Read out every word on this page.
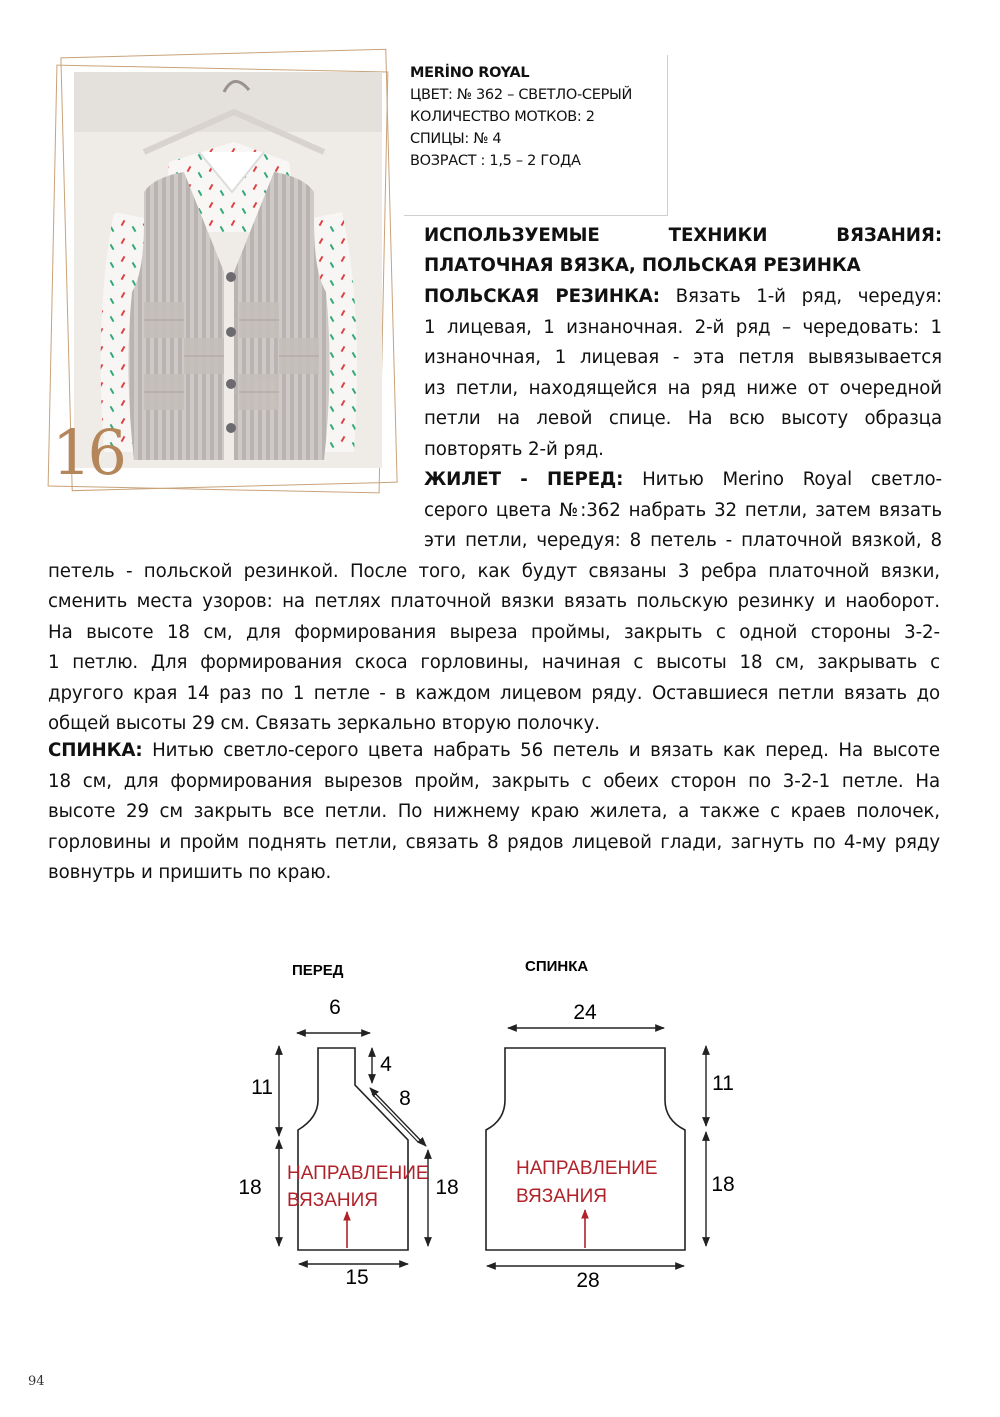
16
MERİNO ROYAL
ЦВЕТ: № 362 – СВЕТЛО-СЕРЫЙ
КОЛИЧЕСТВО МОТКОВ: 2
СПИЦЫ: № 4
ВОЗРАСТ : 1,5 – 2 ГОДА
ИСПОЛЬЗУЕМЫЕ ТЕХНИКИ ВЯЗАНИЯ:
ПЛАТОЧНАЯ ВЯЗКА, ПОЛЬСКАЯ РЕЗИНКА
ПОЛЬСКАЯ РЕЗИНКА: Вязать 1-й ряд, чередуя:
1 лицевая, 1 изнаночная. 2-й ряд – чередовать: 1
изнаночная, 1 лицевая - эта петля вывязывается
из петли, находящейся на ряд ниже от очередной
петли на левой спице. На всю высоту образца
повторять 2-й ряд.
ЖИЛЕТ - ПЕРЕД: Нитью Merino Royal светло-
серого цвета №:362 набрать 32 петли, затем вязать
эти петли, чередуя: 8 петель - платочной вязкой, 8
петель - польской резинкой. После того, как будут связаны 3 ребра платочной вязки,
сменить места узоров: на петлях платочной вязки вязать польскую резинку и наоборот.
На высоте 18 см, для формирования выреза проймы, закрыть с одной стороны 3-2-
1 петлю. Для формирования скоса горловины, начиная с высоты 18 см, закрывать с
другого края 14 раз по 1 петле - в каждом лицевом ряду. Оставшиеся петли вязать до
общей высоты 29 см. Связать зеркально вторую полочку.
СПИНКА: Нитью светло-серого цвета набрать 56 петель и вязать как перед. На высоте
18 см, для формирования вырезов пройм, закрыть с обеих сторон по 3-2-1 петле. На
высоте 29 см закрыть все петли. По нижнему краю жилета, а также с краев полочек,
горловины и пройм поднять петли, связать 8 рядов лицевой глади, загнуть по 4-му ряду
вовнутрь и пришить по краю.
ПЕРЕД	СПИНКА
6
4
8
11
18	18
15
НАПРАВЛЕНИЕ
ВЯЗАНИЯ
24
11
18
28
НАПРАВЛЕНИЕ
ВЯЗАНИЯ
94
